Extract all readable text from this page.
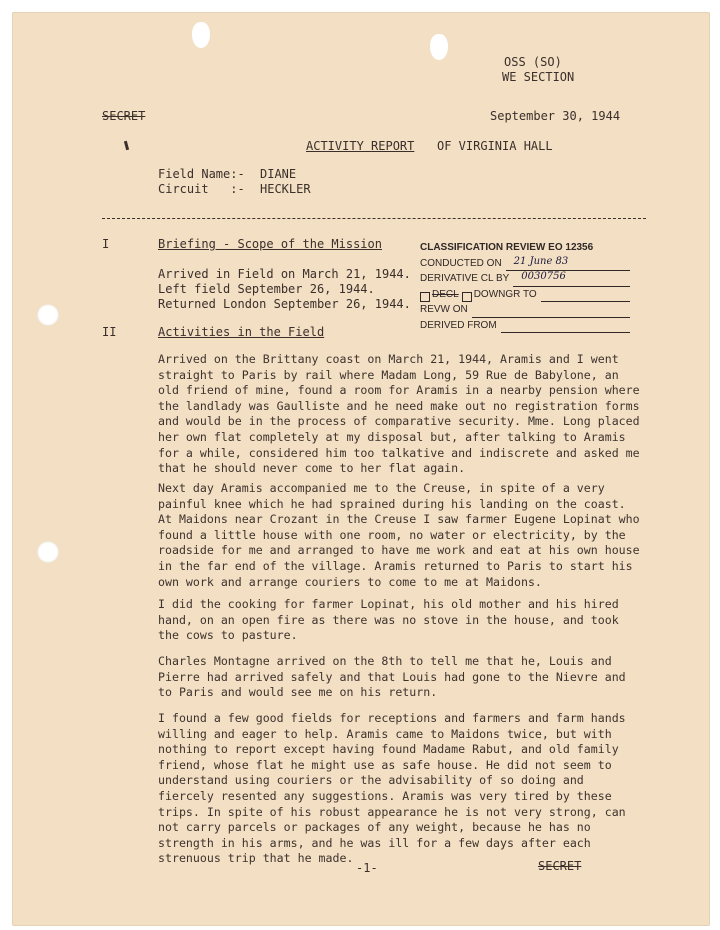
OSS (SO)
WE SECTION
SECRET	September 30, 1944
ACTIVITY REPORT OF VIRGINIA HALL
Field Name:- DIANE
Circuit   :- HECKLER
I	Briefing - Scope of the Mission
Arrived in Field on March 21, 1944.
Left field September 26, 1944.
Returned London September 26, 1944.
CLASSIFICATION REVIEW EO 12356
CONDUCTED ON 21 June 83
DERIVATIVE CL BY 0030756
DECL DOWNGR TO
REVW ON
DERIVED FROM
II	Activities in the Field

Arrived on the Brittany coast on March 21, 1944, Aramis and I went straight to Paris by rail where Madam Long, 59 Rue de Babylone, an old friend of mine, found a room for Aramis in a nearby pension where the landlady was Gaulliste and he need make out no registration forms and would be in the process of comparative security. Mme. Long placed her own flat completely at my disposal but, after talking to Aramis for a while, considered him too talkative and indiscrete and asked me that he should never come to her flat again.

Next day Aramis accompanied me to the Creuse, in spite of a very painful knee which he had sprained during his landing on the coast. At Maidons near Crozant in the Creuse I saw farmer Eugene Lopinat who found a little house with one room, no water or electricity, by the roadside for me and arranged to have me work and eat at his own house in the far end of the village. Aramis returned to Paris to start his own work and arrange couriers to come to me at Maidons.

I did the cooking for farmer Lopinat, his old mother and his hired hand, on an open fire as there was no stove in the house, and took the cows to pasture.

Charles Montagne arrived on the 8th to tell me that he, Louis and Pierre had arrived safely and that Louis had gone to the Nievre and to Paris and would see me on his return.

I found a few good fields for receptions and farmers and farm hands willing and eager to help. Aramis came to Maidons twice, but with nothing to report except having found Madame Rabut, and old family friend, whose flat he might use as safe house. He did not seem to understand using couriers or the advisability of so doing and fiercely resented any suggestions. Aramis was very tired by these trips. In spite of his robust appearance he is not very strong, can not carry parcels or packages of any weight, because he has no strength in his arms, and he was ill for a few days after each strenuous trip that he made.

-1-	SECRET
